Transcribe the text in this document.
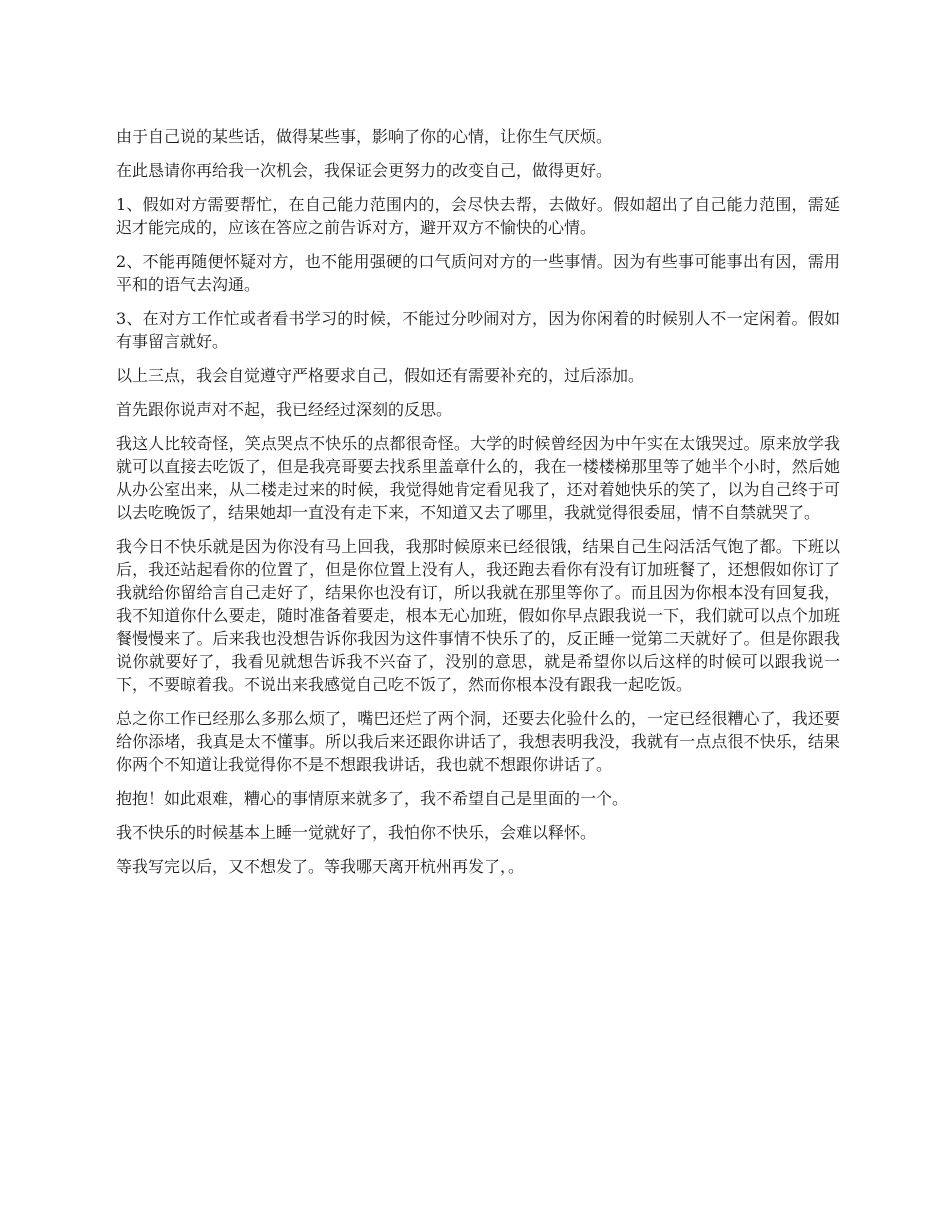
由于自己说的某些话，做得某些事，影响了你的心情，让你生气厌烦。

在此恳请你再给我一次机会，我保证会更努力的改变自己，做得更好。

1、假如对方需要帮忙，在自己能力范围内的，会尽快去帮，去做好。假如超出了自己能力范围，需延迟才能完成的，应该在答应之前告诉对方，避开双方不愉快的心情。

2、不能再随便怀疑对方，也不能用强硬的口气质问对方的一些事情。因为有些事可能事出有因，需用平和的语气去沟通。

3、在对方工作忙或者看书学习的时候，不能过分吵闹对方，因为你闲着的时候别人不一定闲着。假如有事留言就好。

以上三点，我会自觉遵守严格要求自己，假如还有需要补充的，过后添加。

首先跟你说声对不起，我已经经过深刻的反思。

我这人比较奇怪，笑点哭点不快乐的点都很奇怪。大学的时候曾经因为中午实在太饿哭过。原来放学我就可以直接去吃饭了，但是我亮哥要去找系里盖章什么的，我在一楼楼梯那里等了她半个小时，然后她从办公室出来，从二楼走过来的时候，我觉得她肯定看见我了，还对着她快乐的笑了，以为自己终于可以去吃晚饭了，结果她却一直没有走下来，不知道又去了哪里，我就觉得很委屈，情不自禁就哭了。

我今日不快乐就是因为你没有马上回我，我那时候原来已经很饿，结果自己生闷活活气饱了都。下班以后，我还站起看你的位置了，但是你位置上没有人，我还跑去看你有没有订加班餐了，还想假如你订了我就给你留给言自己走好了，结果你也没有订，所以我就在那里等你了。而且因为你根本没有回复我，我不知道你什么要走，随时准备着要走，根本无心加班，假如你早点跟我说一下，我们就可以点个加班餐慢慢来了。后来我也没想告诉你我因为这件事情不快乐了的，反正睡一觉第二天就好了。但是你跟我说你就要好了，我看见就想告诉我不兴奋了，没别的意思，就是希望你以后这样的时候可以跟我说一下，不要晾着我。不说出来我感觉自己吃不饭了，然而你根本没有跟我一起吃饭。

总之你工作已经那么多那么烦了，嘴巴还烂了两个洞，还要去化验什么的，一定已经很糟心了，我还要给你添堵，我真是太不懂事。所以我后来还跟你讲话了，我想表明我没，我就有一点点很不快乐，结果你两个不知道让我觉得你不是不想跟我讲话，我也就不想跟你讲话了。

抱抱！如此艰难，糟心的事情原来就多了，我不希望自己是里面的一个。

我不快乐的时候基本上睡一觉就好了，我怕你不快乐，会难以释怀。

等我写完以后，又不想发了。等我哪天离开杭州再发了，。
